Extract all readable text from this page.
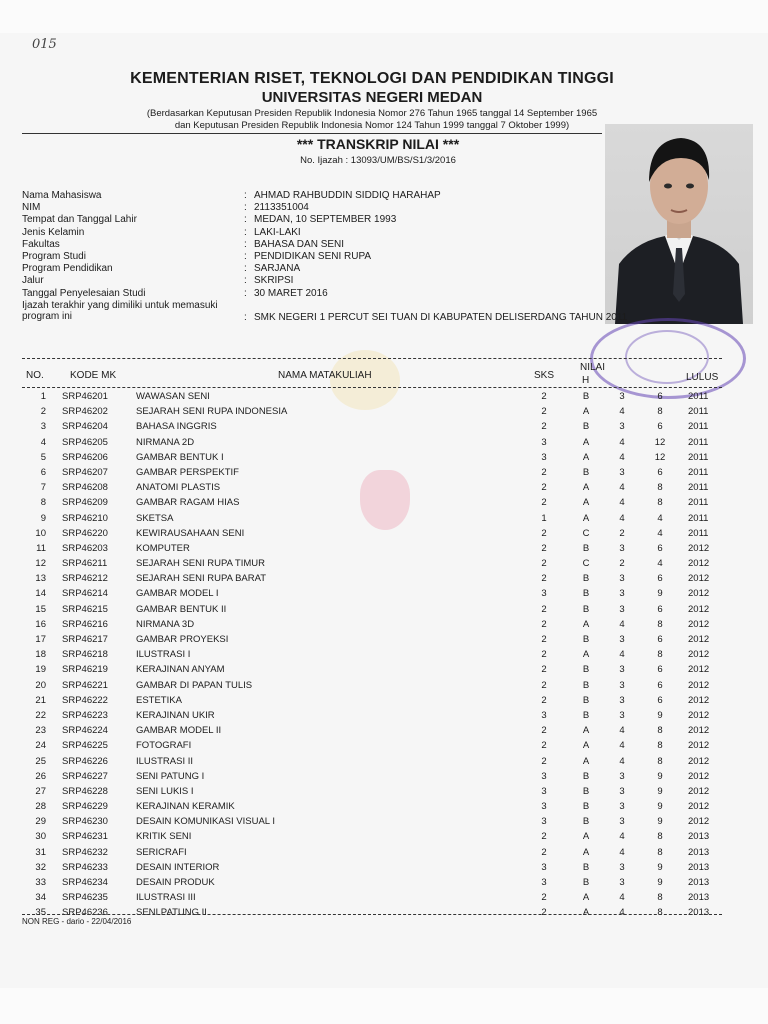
015
KEMENTERIAN RISET, TEKNOLOGI DAN PENDIDIKAN TINGGI
UNIVERSITAS NEGERI MEDAN
(Berdasarkan Keputusan Presiden Republik Indonesia Nomor 276 Tahun 1965 tanggal 14 September 1965
dan Keputusan Presiden Republik Indonesia Nomor 124 Tahun 1999 tanggal 7 Oktober 1999)
*** TRANSKRIP NILAI ***
No. Ijazah : 13093/UM/BS/S1/3/2016
Nama Mahasiswa	: AHMAD RAHBUDDIN SIDDIQ HARAHAP
NIM	: 2113351004
Tempat dan Tanggal Lahir	: MEDAN, 10 SEPTEMBER 1993
Jenis Kelamin	: LAKI-LAKI
Fakultas	: BAHASA DAN SENI
Program Studi	: PENDIDIKAN SENI RUPA
Program Pendidikan	: SARJANA
Jalur	: SKRIPSI
Tanggal Penyelesaian Studi	: 30 MARET 2016
Ijazah terakhir yang dimiliki untuk memasuki program ini	: SMK NEGERI 1 PERCUT SEI TUAN DI KABUPATEN DELISERDANG TAHUN 2011
NO.	KODE MK	NAMA MATAKULIAH	SKS
NILAI
H	LULUS
1 SRP46201	WAWASAN SENI	2	B	3	6	2011
2 SRP46202	SEJARAH SENI RUPA INDONESIA	2	A	4	8	2011
3 SRP46204	BAHASA INGGRIS	2	B	3	6	2011
4 SRP46205	NIRMANA 2D	3	A	4	12 2011
5 SRP46206	GAMBAR BENTUK I	3	A	4	12 2011
6 SRP46207	GAMBAR PERSPEKTIF	2	B	3	6	2011
7 SRP46208	ANATOMI PLASTIS	2	A	4	8	2011
8 SRP46209	GAMBAR RAGAM HIAS	2	A	4	8	2011
9 SRP46210	SKETSA	1	A	4	4	2011
10 SRP46220	KEWIRAUSAHAAN SENI	2	C	2	4	2011
11 SRP46203	KOMPUTER	2	B	3	6	2012
12 SRP46211	SEJARAH SENI RUPA TIMUR	2	C	2	4	2012
13 SRP46212	SEJARAH SENI RUPA BARAT	2	B	3	6	2012
14 SRP46214	GAMBAR MODEL I	3	B	3	9	2012
15 SRP46215	GAMBAR BENTUK II	2	B	3	6	2012
16 SRP46216	NIRMANA 3D	2	A	4	8	2012
17 SRP46217	GAMBAR PROYEKSI	2	B	3	6	2012
18 SRP46218	ILUSTRASI I	2	A	4	8	2012
19 SRP46219	KERAJINAN ANYAM	2	B	3	6	2012
20 SRP46221	GAMBAR DI PAPAN TULIS	2	B	3	6	2012
21 SRP46222	ESTETIKA	2	B	3	6	2012
22 SRP46223	KERAJINAN UKIR	3	B	3	9	2012
23 SRP46224	GAMBAR MODEL II	2	A	4	8	2012
24 SRP46225	FOTOGRAFI	2	A	4	8	2012
25 SRP46226	ILUSTRASI II	2	A	4	8	2012
26 SRP46227	SENI PATUNG I	3	B	3	9	2012
27 SRP46228	SENI LUKIS I	3	B	3	9	2012
28 SRP46229	KERAJINAN KERAMIK	3	B	3	9	2012
29 SRP46230	DESAIN KOMUNIKASI VISUAL I	3	B	3	9	2012
30 SRP46231	KRITIK SENI	2	A	4	8	2013
31 SRP46232	SERICRAFI	2	A	4	8	2013
32 SRP46233	DESAIN INTERIOR	3	B	3	9	2013
33 SRP46234	DESAIN PRODUK	3	B	3	9	2013
34 SRP46235	ILUSTRASI III	2	A	4	8	2013
35 SRP46236	SENI PATUNG II	2	A	4	8	2013
NON REG - dario - 22/04/2016
